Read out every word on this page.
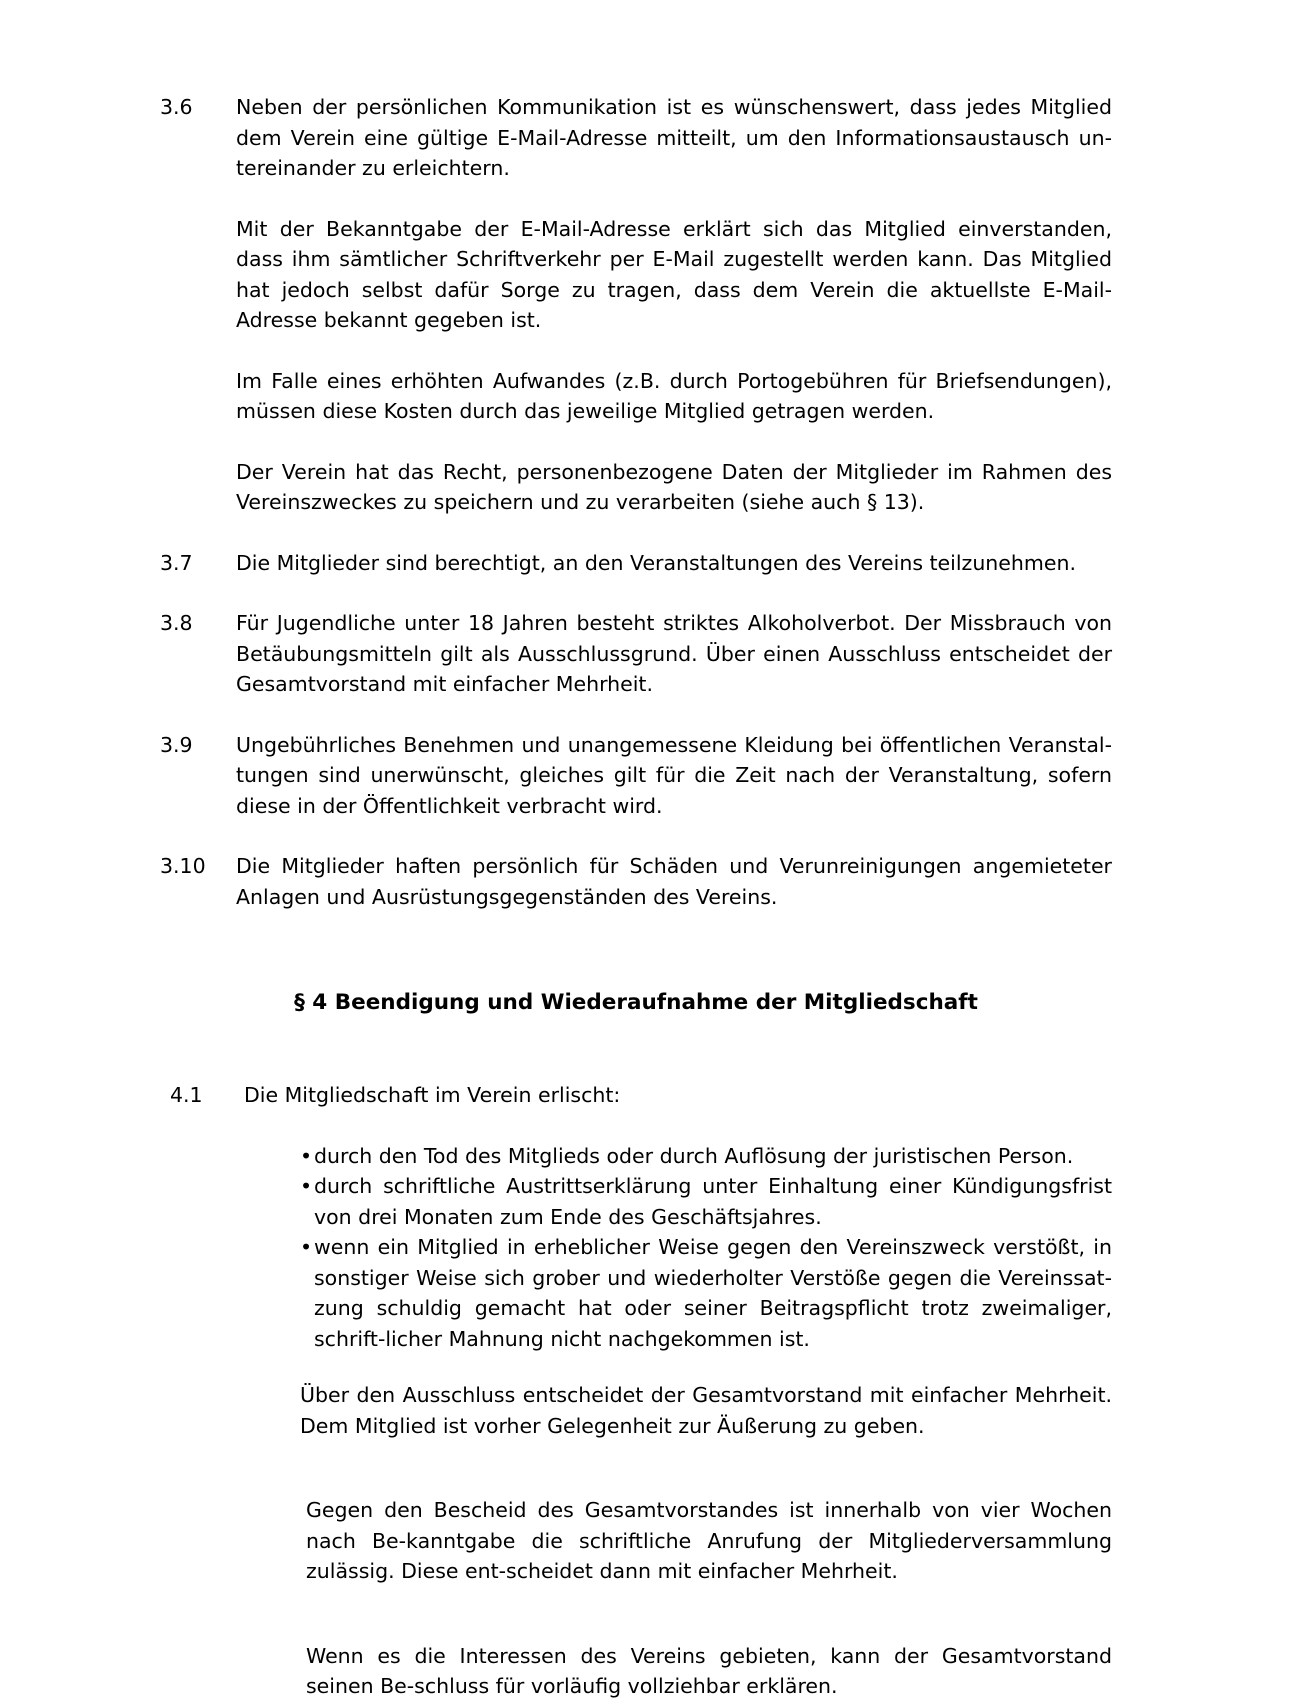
3.6	Neben der persönlichen Kommunikation ist es wünschenswert, dass jedes Mitglied dem Verein eine gültige E-Mail-Adresse mitteilt, um den Informationsaustausch un-tereinander zu erleichtern.

Mit der Bekanntgabe der E-Mail-Adresse erklärt sich das Mitglied einverstanden, dass ihm sämtlicher Schriftverkehr per E-Mail zugestellt werden kann. Das Mitglied hat jedoch selbst dafür Sorge zu tragen, dass dem Verein die aktuellste E-Mail-Adresse bekannt gegeben ist.

Im Falle eines erhöhten Aufwandes (z.B. durch Portogebühren für Briefsendungen), müssen diese Kosten durch das jeweilige Mitglied getragen werden.

Der Verein hat das Recht, personenbezogene Daten der Mitglieder im Rahmen des Vereinszweckes zu speichern und zu verarbeiten (siehe auch § 13).

3.7	Die Mitglieder sind berechtigt, an den Veranstaltungen des Vereins teilzunehmen.

3.8	Für Jugendliche unter 18 Jahren besteht striktes Alkoholverbot. Der Missbrauch von Betäubungsmitteln gilt als Ausschlussgrund. Über einen Ausschluss entscheidet der Gesamtvorstand mit einfacher Mehrheit.

3.9	Ungebührliches Benehmen und unangemessene Kleidung bei öffentlichen Veranstal-tungen sind unerwünscht, gleiches gilt für die Zeit nach der Veranstaltung, sofern diese in der Öffentlichkeit verbracht wird.

3.10	Die Mitglieder haften persönlich für Schäden und Verunreinigungen angemieteter Anlagen und Ausrüstungsgegenständen des Vereins.

§ 4 Beendigung und Wiederaufnahme der Mitgliedschaft
4.1	Die Mitgliedschaft im Verein erlischt:

• durch den Tod des Mitglieds oder durch Auflösung der juristischen Person.
• durch schriftliche Austrittserklärung unter Einhaltung einer Kündigungsfrist von drei Monaten zum Ende des Geschäftsjahres.
• wenn ein Mitglied in erheblicher Weise gegen den Vereinszweck verstößt, in sonstiger Weise sich grober und wiederholter Verstöße gegen die Vereinssat-zung schuldig gemacht hat oder seiner Beitragspflicht trotz zweimaliger, schrift-licher Mahnung nicht nachgekommen ist.

Über den Ausschluss entscheidet der Gesamtvorstand mit einfacher Mehrheit. Dem Mitglied ist vorher Gelegenheit zur Äußerung zu geben.

Gegen den Bescheid des Gesamtvorstandes ist innerhalb von vier Wochen nach Be-kanntgabe die schriftliche Anrufung der Mitgliederversammlung zulässig. Diese ent-scheidet dann mit einfacher Mehrheit.

Wenn es die Interessen des Vereins gebieten, kann der Gesamtvorstand seinen Be-schluss für vorläufig vollziehbar erklären.
